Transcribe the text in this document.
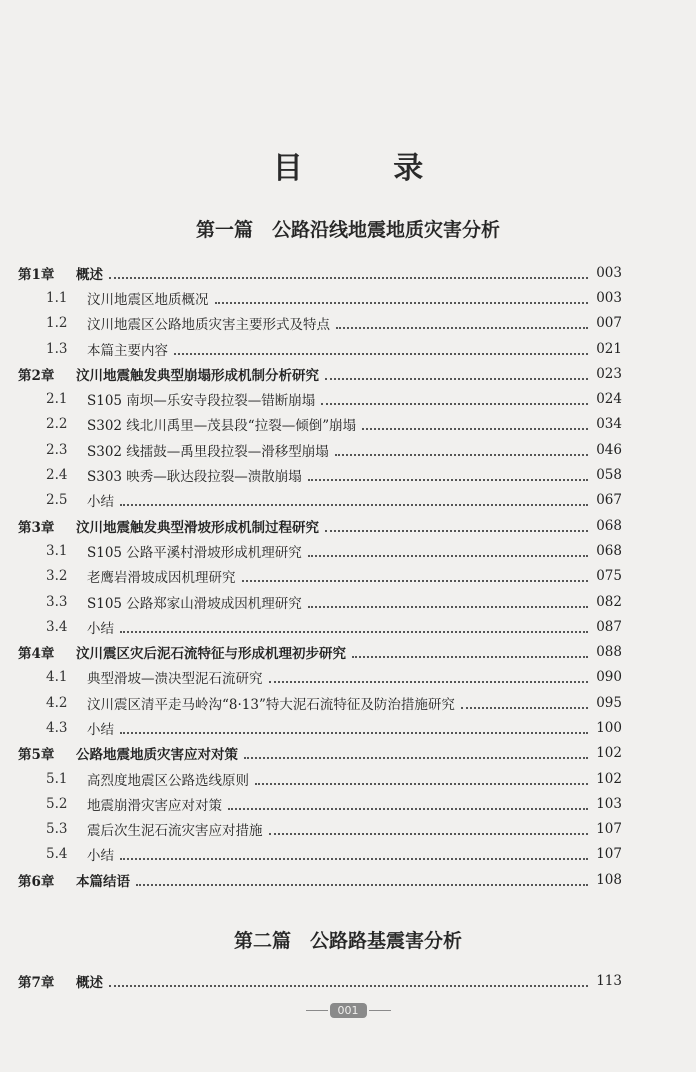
目 录
第一篇　公路沿线地震地质灾害分析
第1章	概述	003
1.1	汶川地震区地质概况	003
1.2	汶川地震区公路地质灾害主要形式及特点	007
1.3	本篇主要内容	021
第2章	汶川地震触发典型崩塌形成机制分析研究	023
2.1	S105 南坝—乐安寺段拉裂—错断崩塌	024
2.2	S302 线北川禹里—茂县段“拉裂—倾倒”崩塌	034
2.3	S302 线擂鼓—禹里段拉裂—滑移型崩塌	046
2.4	S303 映秀—耿达段拉裂—溃散崩塌	058
2.5	小结	067
第3章	汶川地震触发典型滑坡形成机制过程研究	068
3.1	S105 公路平溪村滑坡形成机理研究	068
3.2	老鹰岩滑坡成因机理研究	075
3.3	S105 公路郑家山滑坡成因机理研究	082
3.4	小结	087
第4章	汶川震区灾后泥石流特征与形成机理初步研究	088
4.1	典型滑坡—溃决型泥石流研究	090
4.2	汶川震区清平走马岭沟“8·13”特大泥石流特征及防治措施研究	095
4.3	小结	100
第5章	公路地震地质灾害应对对策	102
5.1	高烈度地震区公路选线原则	102
5.2	地震崩滑灾害应对对策	103
5.3	震后次生泥石流灾害应对措施	107
5.4	小结	107
第6章	本篇结语	108
第二篇　公路路基震害分析
第7章	概述	113
001
